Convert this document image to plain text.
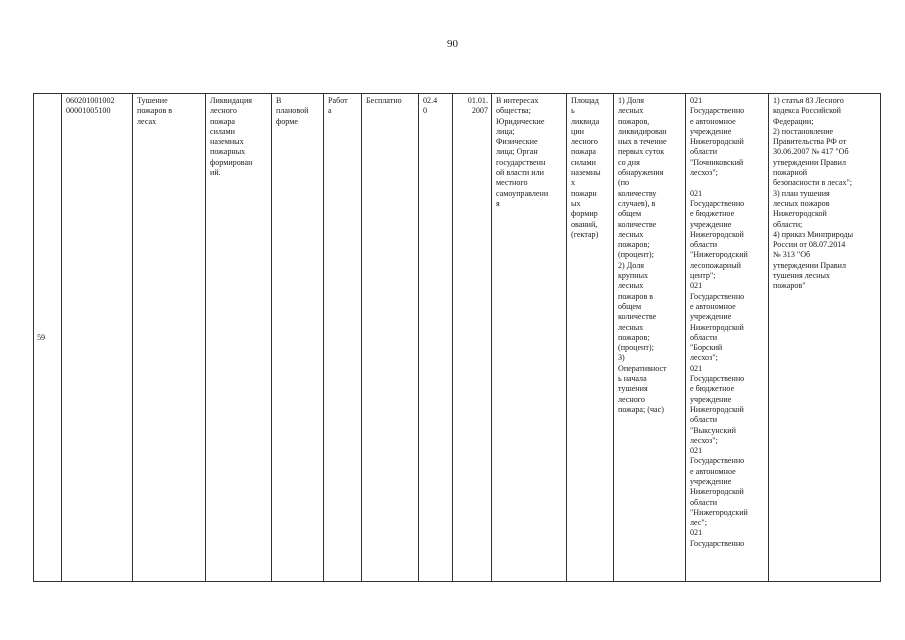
90
59	060201001002
00001005100	Тушение
пожаров в
лесах	Ликвидация
лесного
пожара
силами
наземных
пожарных
формирован
ий.	В
плановой
форме	Работ
а	Бесплатно	02.4
0	01.01.
2007	В интересах
общества;
Юридические
лица;
Физические
лица; Орган
государственн
ой власти или
местного
самоуправлени
я	Площад
ь
ликвида
ции
лесного
пожара
силами
наземны
х
пожарн
ых
формир
ований,
(гектар)	1) Доля
лесных
пожаров,
ликвидирован
ных в течение
первых суток
со дня
обнаружения
(по
количеству
случаев), в
общем
количестве
лесных
пожаров;
(процент);
2) Доля
крупных
лесных
пожаров в
общем
количестве
лесных
пожаров;
(процент);
3)
Оперативност
ь начала
тушения
лесного
пожара; (час)	021
Государственно
е автономное
учреждение
Нижегородской
области
"Починковский
лесхоз";

021
Государственно
е бюджетное
учреждение
Нижегородской
области
"Нижегородский
лесопожарный
центр";
021
Государственно
е автономное
учреждение
Нижегородской
области
"Борский
лесхоз";
021
Государственно
е бюджетное
учреждение
Нижегородской
области
"Выксунский
лесхоз";
021
Государственно
е автономное
учреждение
Нижегородской
области
"Нижегородский
лес";
021
Государственно	1) статья 83 Лесного
кодекса Российской
Федерации;
2) постановление
Правительства РФ от
30.06.2007 № 417 "Об
утверждении Правил
пожарной
безопасности в лесах";
3) план тушения
лесных пожаров
Нижегородской
области;
4) приказ Минприроды
России от 08.07.2014
№ 313 "Об
утверждении Правил
тушения лесных
пожаров"
